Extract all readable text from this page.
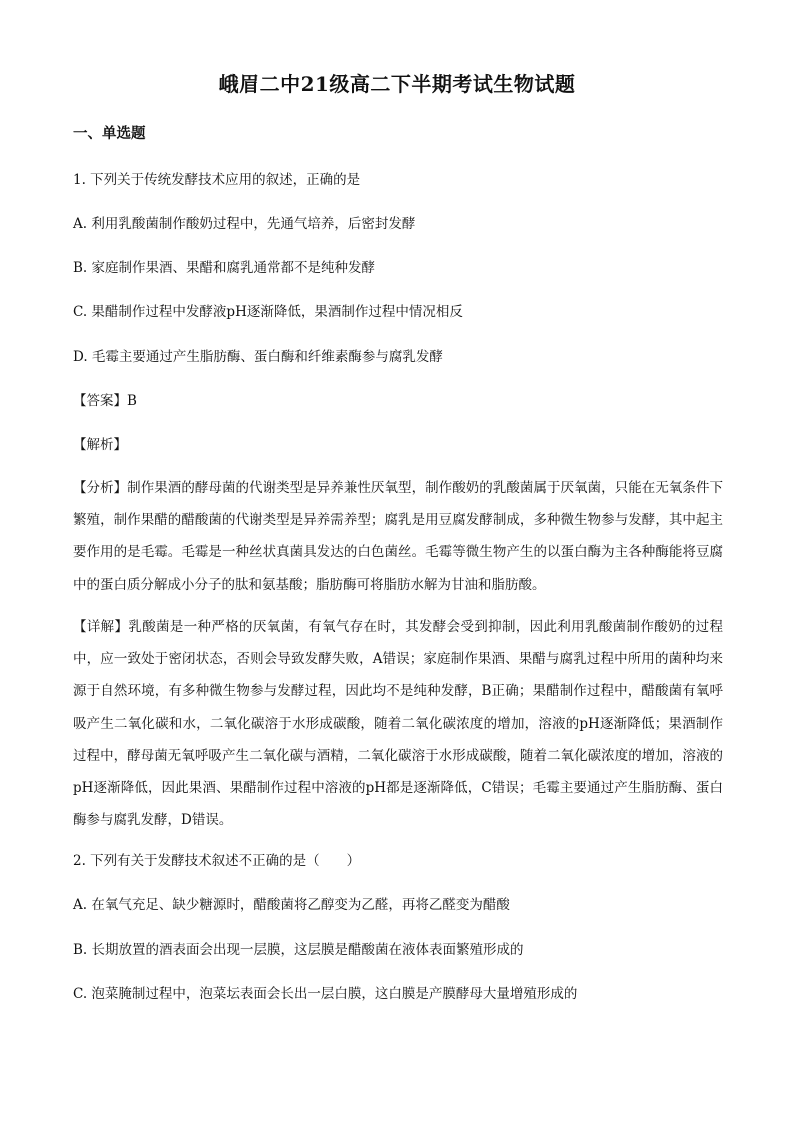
峨眉二中21级高二下半期考试生物试题
一、单选题
1. 下列关于传统发酵技术应用的叙述，正确的是
A. 利用乳酸菌制作酸奶过程中，先通气培养，后密封发酵
B. 家庭制作果酒、果醋和腐乳通常都不是纯种发酵
C. 果醋制作过程中发酵液pH逐渐降低，果酒制作过程中情况相反
D. 毛霉主要通过产生脂肪酶、蛋白酶和纤维素酶参与腐乳发酵
【答案】B
【解析】
【分析】制作果酒的酵母菌的代谢类型是异养兼性厌氧型，制作酸奶的乳酸菌属于厌氧菌，只能在无氧条件下繁殖，制作果醋的醋酸菌的代谢类型是异养需养型；腐乳是用豆腐发酵制成，多种微生物参与发酵，其中起主要作用的是毛霉。毛霉是一种丝状真菌具发达的白色菌丝。毛霉等微生物产生的以蛋白酶为主各种酶能将豆腐中的蛋白质分解成小分子的肽和氨基酸；脂肪酶可将脂肪水解为甘油和脂肪酸。
【详解】乳酸菌是一种严格的厌氧菌，有氧气存在时，其发酵会受到抑制，因此利用乳酸菌制作酸奶的过程中，应一致处于密闭状态，否则会导致发酵失败，A错误；家庭制作果酒、果醋与腐乳过程中所用的菌种均来源于自然环境，有多种微生物参与发酵过程，因此均不是纯种发酵，B正确；果醋制作过程中，醋酸菌有氧呼吸产生二氧化碳和水，二氧化碳溶于水形成碳酸，随着二氧化碳浓度的增加，溶液的pH逐渐降低；果酒制作过程中，酵母菌无氧呼吸产生二氧化碳与酒精，二氧化碳溶于水形成碳酸，随着二氧化碳浓度的增加，溶液的pH逐渐降低，因此果酒、果醋制作过程中溶液的pH都是逐渐降低，C错误；毛霉主要通过产生脂肪酶、蛋白酶参与腐乳发酵，D错误。
2. 下列有关于发酵技术叙述不正确的是（　　）
A. 在氧气充足、缺少糖源时，醋酸菌将乙醇变为乙醛，再将乙醛变为醋酸
B. 长期放置的酒表面会出现一层膜，这层膜是醋酸菌在液体表面繁殖形成的
C. 泡菜腌制过程中，泡菜坛表面会长出一层白膜，这白膜是产膜酵母大量增殖形成的
